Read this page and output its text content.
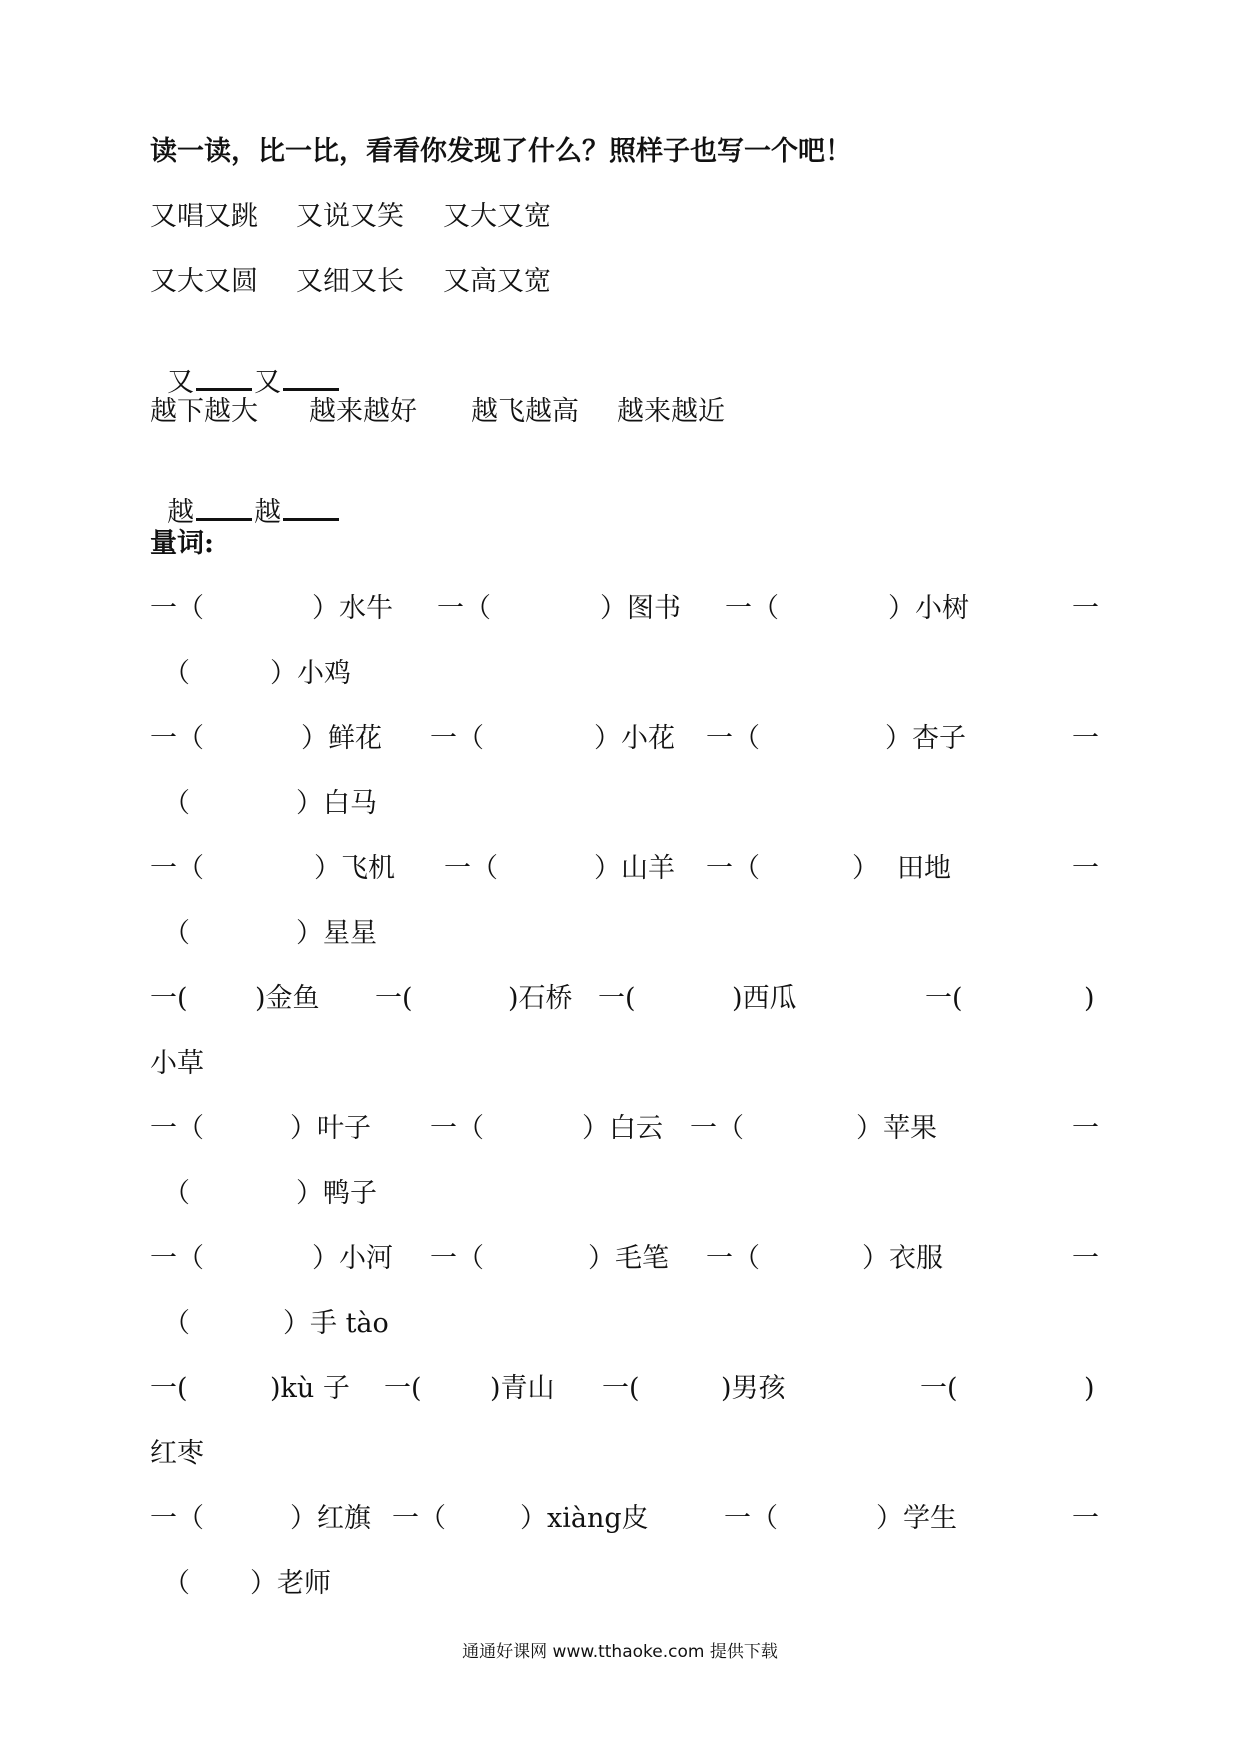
读一读，比一比，看看你发现了什么？照样子也写一个吧！
又唱又跳 又说又笑 又大又宽
又大又圆 又细又长 又高又宽

又 又

越下越大 越来越好 越飞越高 越来越近

越 越

量词:
一（	）水牛 一（	）图书 一（	）小树	一
（	）小鸡
一（	）鲜花 一（	）小花 一（	）杏子	一
（	）白马
一（	）飞机 一（	）山羊 一（	） 田地	一
（	）星星
一( )金鱼 一(	)石桥 一(	)西瓜	一(	)
小草
一（	）叶子 一（	）白云 一（	）苹果	一
（	）鸭子
一（	）小河 一（	）毛笔 一（	）衣服	一
（	）手 tào
一(	)kù 子 一(	)青山 一(	)男孩	一(	)
红枣
一（	）红旗 一（	）xiàng皮	一（	）学生	一
（ ）老师
通通好课网 www.tthaoke.com 提供下载
